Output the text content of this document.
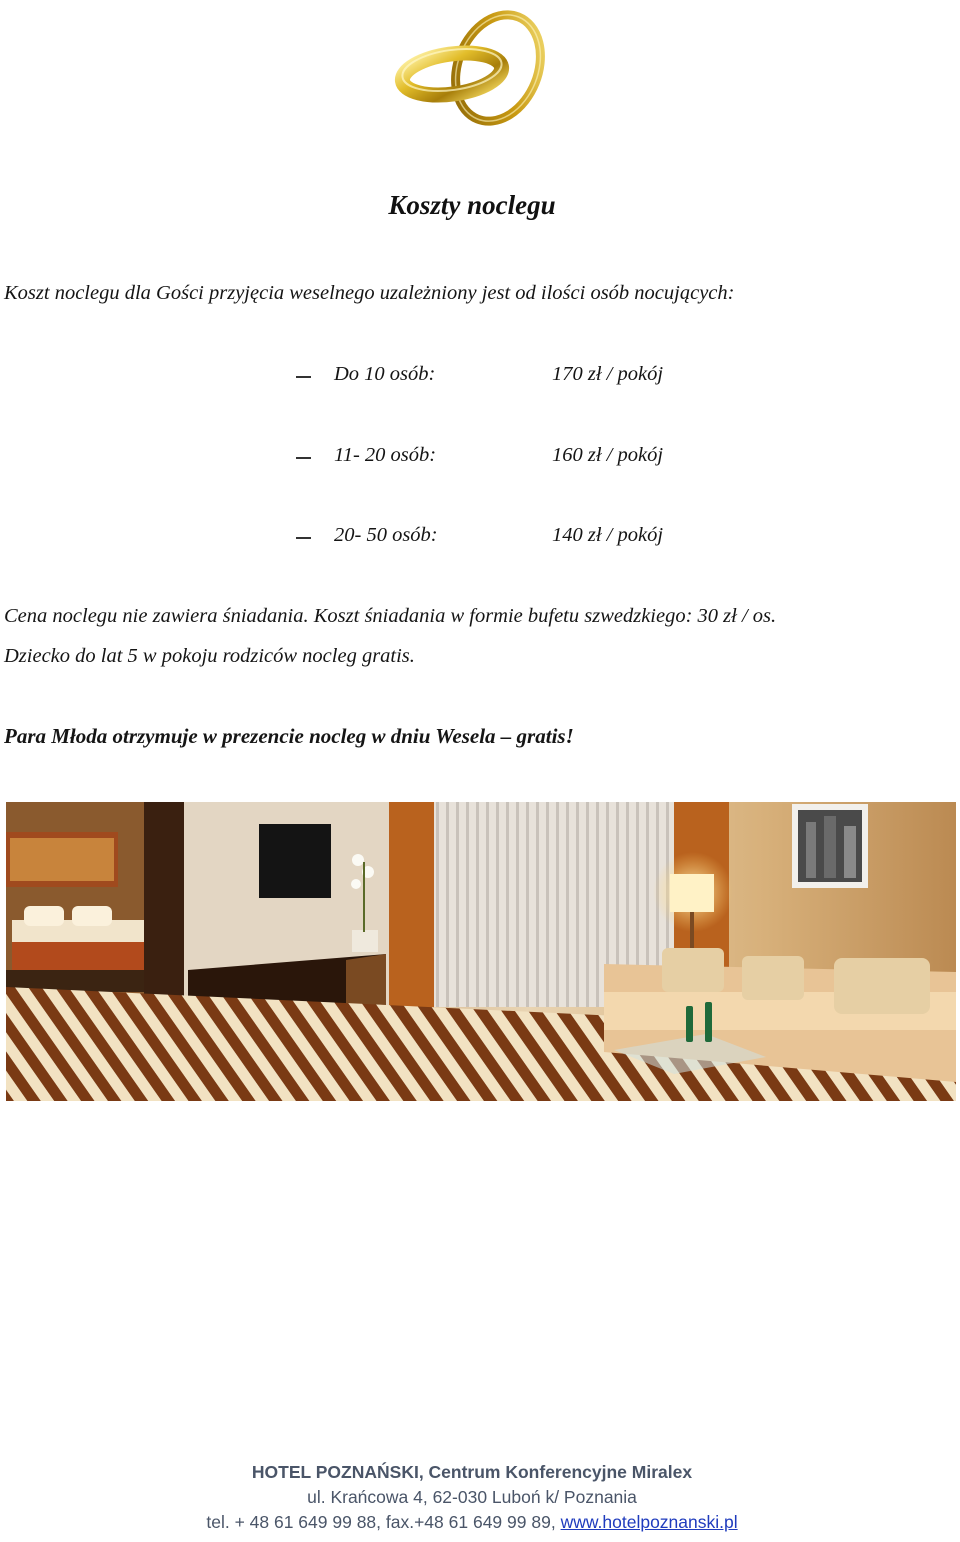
Koszty noclegu
Koszt noclegu dla Gości przyjęcia weselnego uzależniony jest od ilości osób nocujących:
Do 10 osób:	170 zł / pokój
11- 20 osób:	160 zł / pokój
20- 50 osób:	140 zł / pokój
Cena noclegu nie zawiera śniadania. Koszt śniadania w formie bufetu szwedzkiego: 30 zł / os.
Dziecko do lat 5 w pokoju rodziców nocleg gratis.
Para Młoda otrzymuje w prezencie nocleg w dniu Wesela – gratis!
HOTEL POZNAŃSKI, Centrum Konferencyjne Miralex
ul. Krańcowa 4, 62-030 Luboń k/ Poznania
tel. + 48 61 649 99 88, fax.+48 61 649 99 89, www.hotelpoznanski.pl
